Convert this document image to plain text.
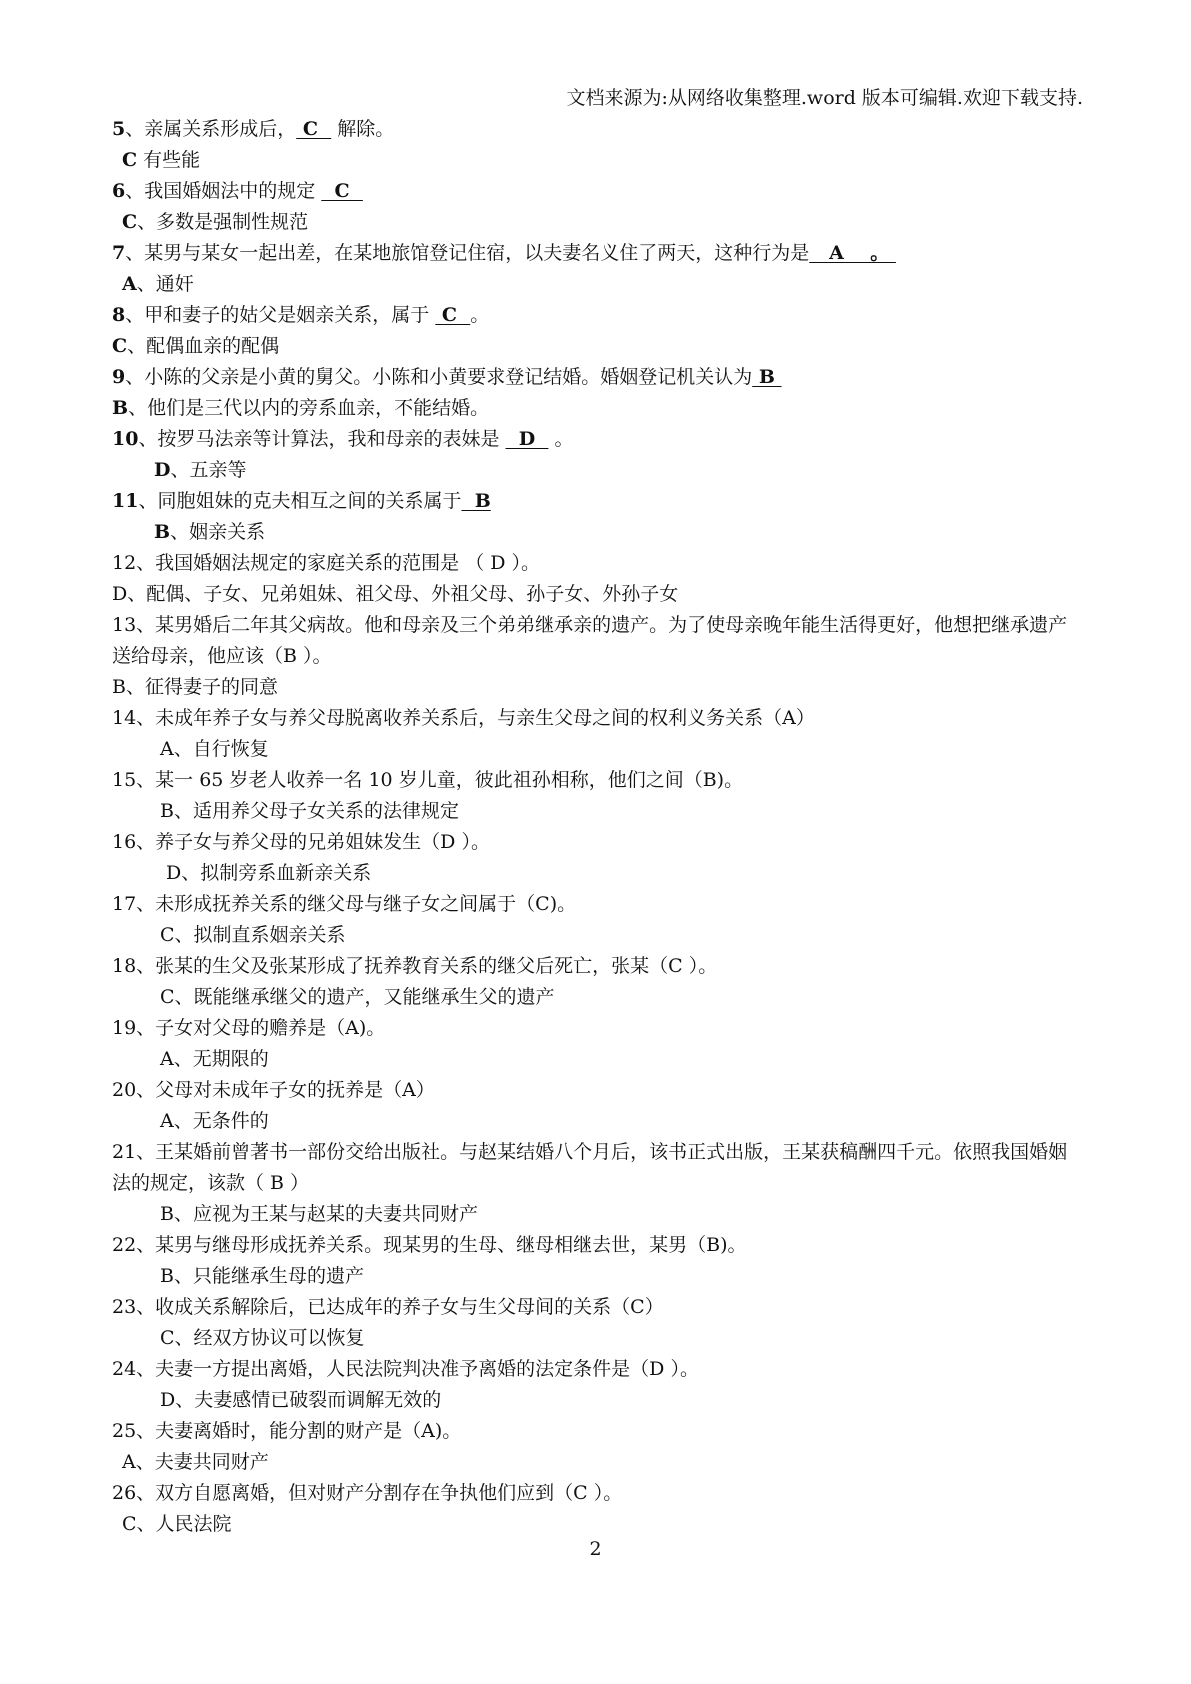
文档来源为:从网络收集整理.word 版本可编辑.欢迎下载支持.
5、亲属关系形成后， C   解除。
C 有些能
6、我国婚姻法中的规定   C
C、多数是强制性规范
7、某男与某女一起出差，在某地旅馆登记住宿，以夫妻名义住了两天，这种行为是   A    。
A、通奸
8、甲和妻子的姑父是姻亲关系，属于  C  。
C、配偶血亲的配偶
9、小陈的父亲是小黄的舅父。小陈和小黄要求登记结婚。婚姻登记机关认为 B
B、他们是三代以内的旁系血亲，不能结婚。
10、按罗马法亲等计算法，我和母亲的表妹是   D   。
D、五亲等
11、同胞姐妹的克夫相互之间的关系属于  B
B、姻亲关系
12、我国婚姻法规定的家庭关系的范围是 （ D ）。
D、配偶、子女、兄弟姐妹、祖父母、外祖父母、孙子女、外孙子女
13、某男婚后二年其父病故。他和母亲及三个弟弟继承亲的遗产。为了使母亲晚年能生活得更好，他想把继承遗产送给母亲，他应该（B ）。
B、征得妻子的同意
14、未成年养子女与养父母脱离收养关系后，与亲生父母之间的权利义务关系（A）
A、自行恢复
15、某一 65 岁老人收养一名 10 岁儿童，彼此祖孙相称，他们之间（B)。
B、适用养父母子女关系的法律规定
16、养子女与养父母的兄弟姐妹发生（D ）。
D、拟制旁系血新亲关系
17、未形成抚养关系的继父母与继子女之间属于（C)。
C、拟制直系姻亲关系
18、张某的生父及张某形成了抚养教育关系的继父后死亡，张某（C ）。
C、既能继承继父的遗产，又能继承生父的遗产
19、子女对父母的赡养是（A)。
A、无期限的
20、父母对未成年子女的抚养是（A）
A、无条件的
21、王某婚前曾著书一部份交给出版社。与赵某结婚八个月后，该书正式出版，王某获稿酬四千元。依照我国婚姻法的规定，该款（ B ）
B、应视为王某与赵某的夫妻共同财产
22、某男与继母形成抚养关系。现某男的生母、继母相继去世，某男（B)。
B、只能继承生母的遗产
23、收成关系解除后，已达成年的养子女与生父母间的关系（C）
C、经双方协议可以恢复
24、夫妻一方提出离婚，人民法院判决准予离婚的法定条件是（D ）。
D、夫妻感情已破裂而调解无效的
25、夫妻离婚时，能分割的财产是（A)。
A、夫妻共同财产
26、双方自愿离婚，但对财产分割存在争执他们应到（C ）。
C、人民法院
2
